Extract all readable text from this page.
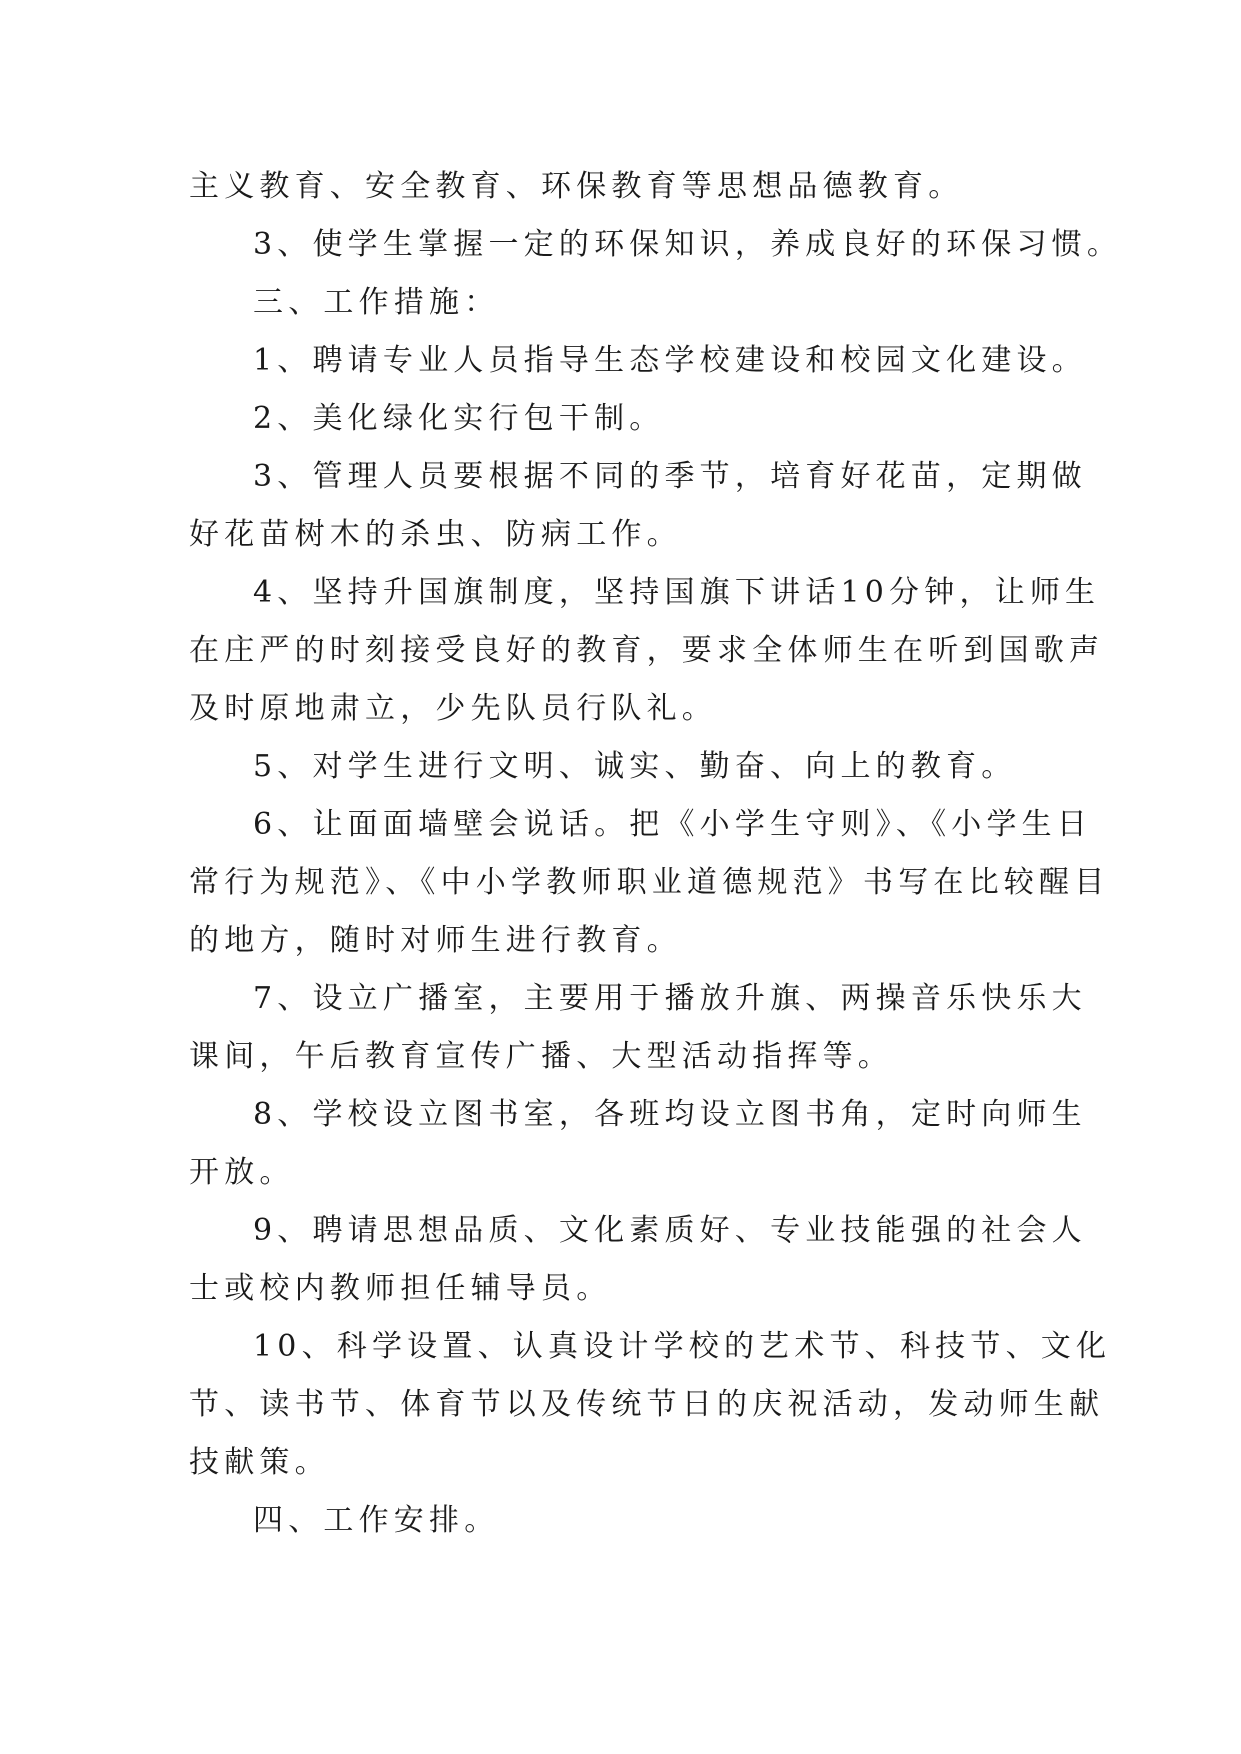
主义教育、安全教育、环保教育等思想品德教育。
3、使学生掌握一定的环保知识，养成良好的环保习惯。
三、工作措施：
1、聘请专业人员指导生态学校建设和校园文化建设。
2、美化绿化实行包干制。
3、管理人员要根据不同的季节，培育好花苗，定期做
好花苗树木的杀虫、防病工作。
4、坚持升国旗制度，坚持国旗下讲话10分钟，让师生
在庄严的时刻接受良好的教育，要求全体师生在听到国歌声
及时原地肃立，少先队员行队礼。
5、对学生进行文明、诚实、勤奋、向上的教育。
6、让面面墙壁会说话。把《小学生守则》、《小学生日
常行为规范》、《中小学教师职业道德规范》书写在比较醒目
的地方，随时对师生进行教育。
7、设立广播室，主要用于播放升旗、两操音乐快乐大
课间，午后教育宣传广播、大型活动指挥等。
8、学校设立图书室，各班均设立图书角，定时向师生
开放。
9、聘请思想品质、文化素质好、专业技能强的社会人
士或校内教师担任辅导员。
10、科学设置、认真设计学校的艺术节、科技节、文化
节、读书节、体育节以及传统节日的庆祝活动，发动师生献
技献策。
四、工作安排。
